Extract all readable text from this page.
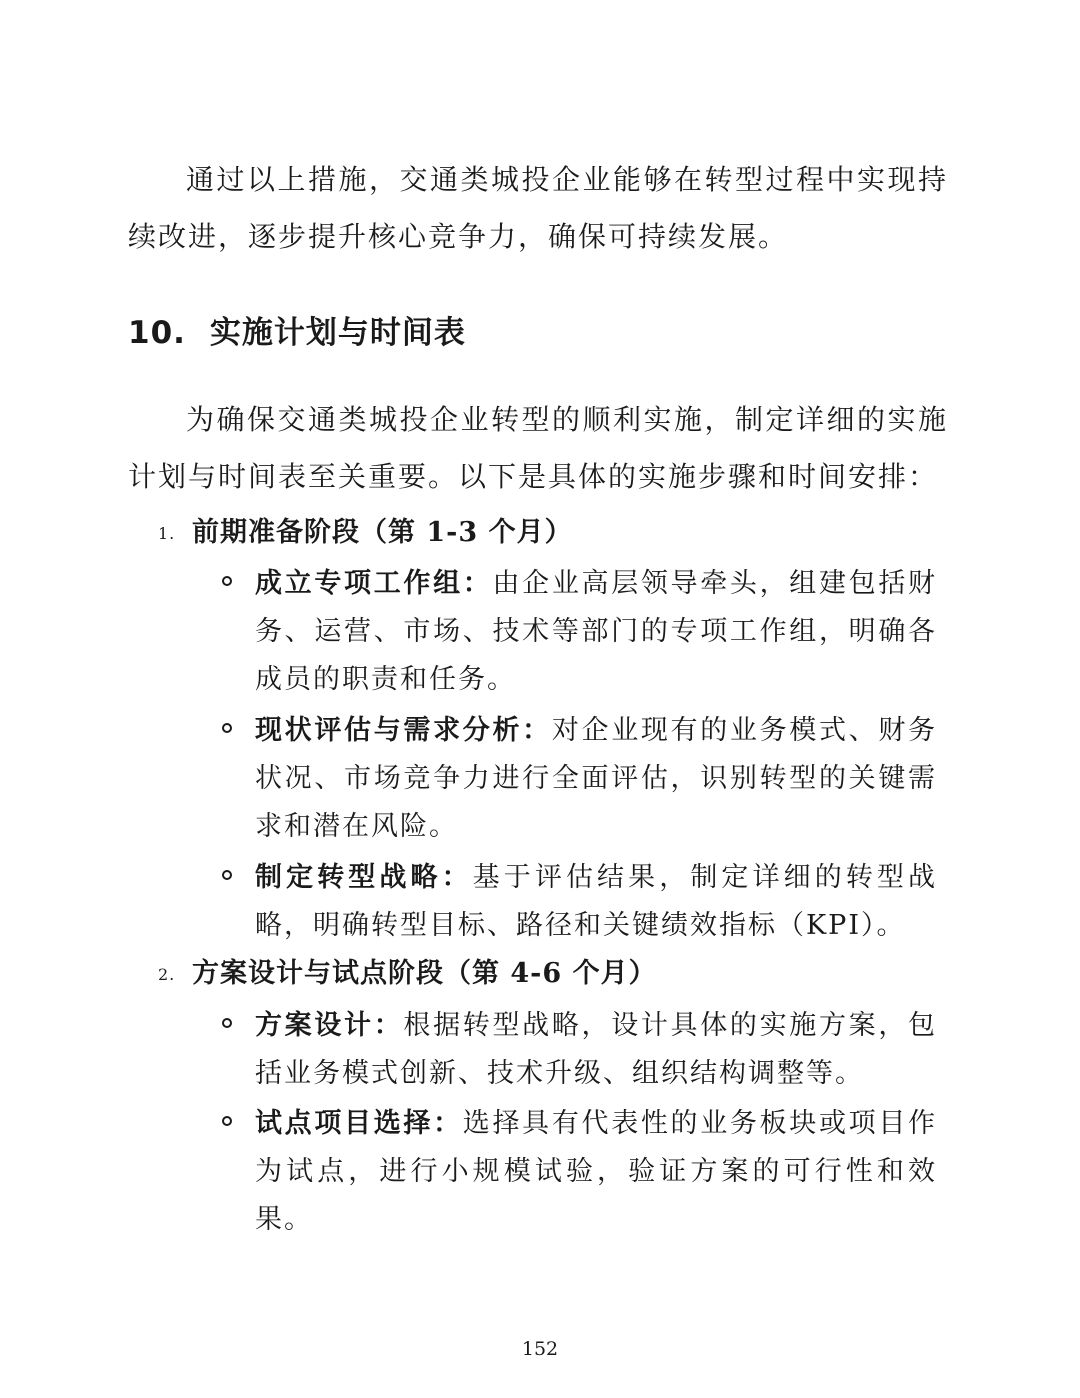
通过以上措施，交通类城投企业能够在转型过程中实现持续改进，逐步提升核心竞争力，确保可持续发展。

10. 实施计划与时间表

为确保交通类城投企业转型的顺利实施，制定详细的实施计划与时间表至关重要。以下是具体的实施步骤和时间安排：

1. 前期准备阶段（第 1-3 个月）
成立专项工作组：由企业高层领导牵头，组建包括财务、运营、市场、技术等部门的专项工作组，明确各成员的职责和任务。
现状评估与需求分析：对企业现有的业务模式、财务状况、市场竞争力进行全面评估，识别转型的关键需求和潜在风险。
制定转型战略：基于评估结果，制定详细的转型战略，明确转型目标、路径和关键绩效指标（KPI）。
2. 方案设计与试点阶段（第 4-6 个月）
方案设计：根据转型战略，设计具体的实施方案，包括业务模式创新、技术升级、组织结构调整等。
试点项目选择：选择具有代表性的业务板块或项目作为试点，进行小规模试验，验证方案的可行性和效果。
152
